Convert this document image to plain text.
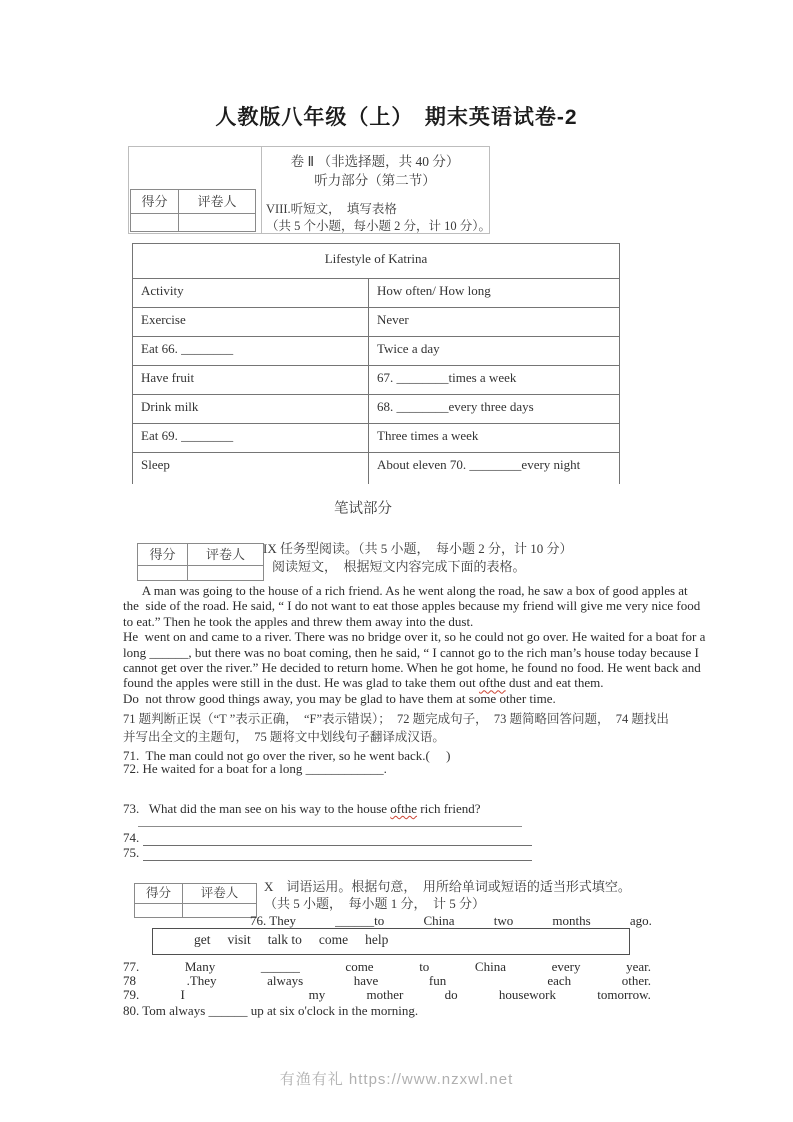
人教版八年级（上）　期末英语试卷-2
卷 Ⅱ （非选择题，共 40 分）
听力部分（第二节）
VIII.听短文，　填写表格
（共 5 个小题，每小题 2 分，计 10 分）。
得分	评卷人
Lifestyle of Katrina
Activity	How often/ How long
Exercise	Never
Eat 66. ________	Twice a day
Have fruit	67. ________times a week
Drink milk	68. ________every three days
Eat 69. ________	Three times a week
Sleep	About eleven 70. ________every night
笔试部分
得分	评卷人	IX 任务型阅读。（共 5 小题，　每小题 2 分，计 10 分）
阅读短文，　根据短文内容完成下面的表格。
A man was going to the house of a rich friend. As he went along the road, he saw a box of good apples at
the  side of the road. He said, “ I do not want to eat those apples because my friend will give me very nice food
to eat.” Then he took the apples and threw them away into the dust.
He  went on and came to a river. There was no bridge over it, so he could not go over. He waited for a boat for a
long ______, but there was no boat coming, then he said, “ I cannot go to the rich man’s house today because I
cannot get over the river.” He decided to return home. When he got home, he found no food. He went back and
found the apples were still in the dust. He was glad to take them out ofthe dust and eat them.
Do  not throw good things away, you may be glad to have them at some other time.
71 题判断正误（“T ”表示正确，　“F”表示错误）；　72 题完成句子，　73 题简略回答问题，　74 题找出
并写出全文的主题句，　75 题将文中划线句子翻译成汉语。
71.  The man could not go over the river, so he went back.(　 )
72. He waited for a boat for a long ____________.
73.   What did the man see on his way to the house ofthe rich friend?
74.
75.
得分	评卷人	X　词语运用。根据句意，　用所给单词或短语的适当形式填空。
（共 5 小题，　每小题 1 分，　计 5 分）
76. They	______to	China	two	months	ago.
get visit talk to come help
77.	Many	______	come	to	China	every	year.
78	.They	always	have	fun	each	other.
79.	I	my	mother	do	housework	tomorrow.
80. Tom always ______ up at six o'clock in the morning.
有渔有礼 https://www.nzxwl.net
